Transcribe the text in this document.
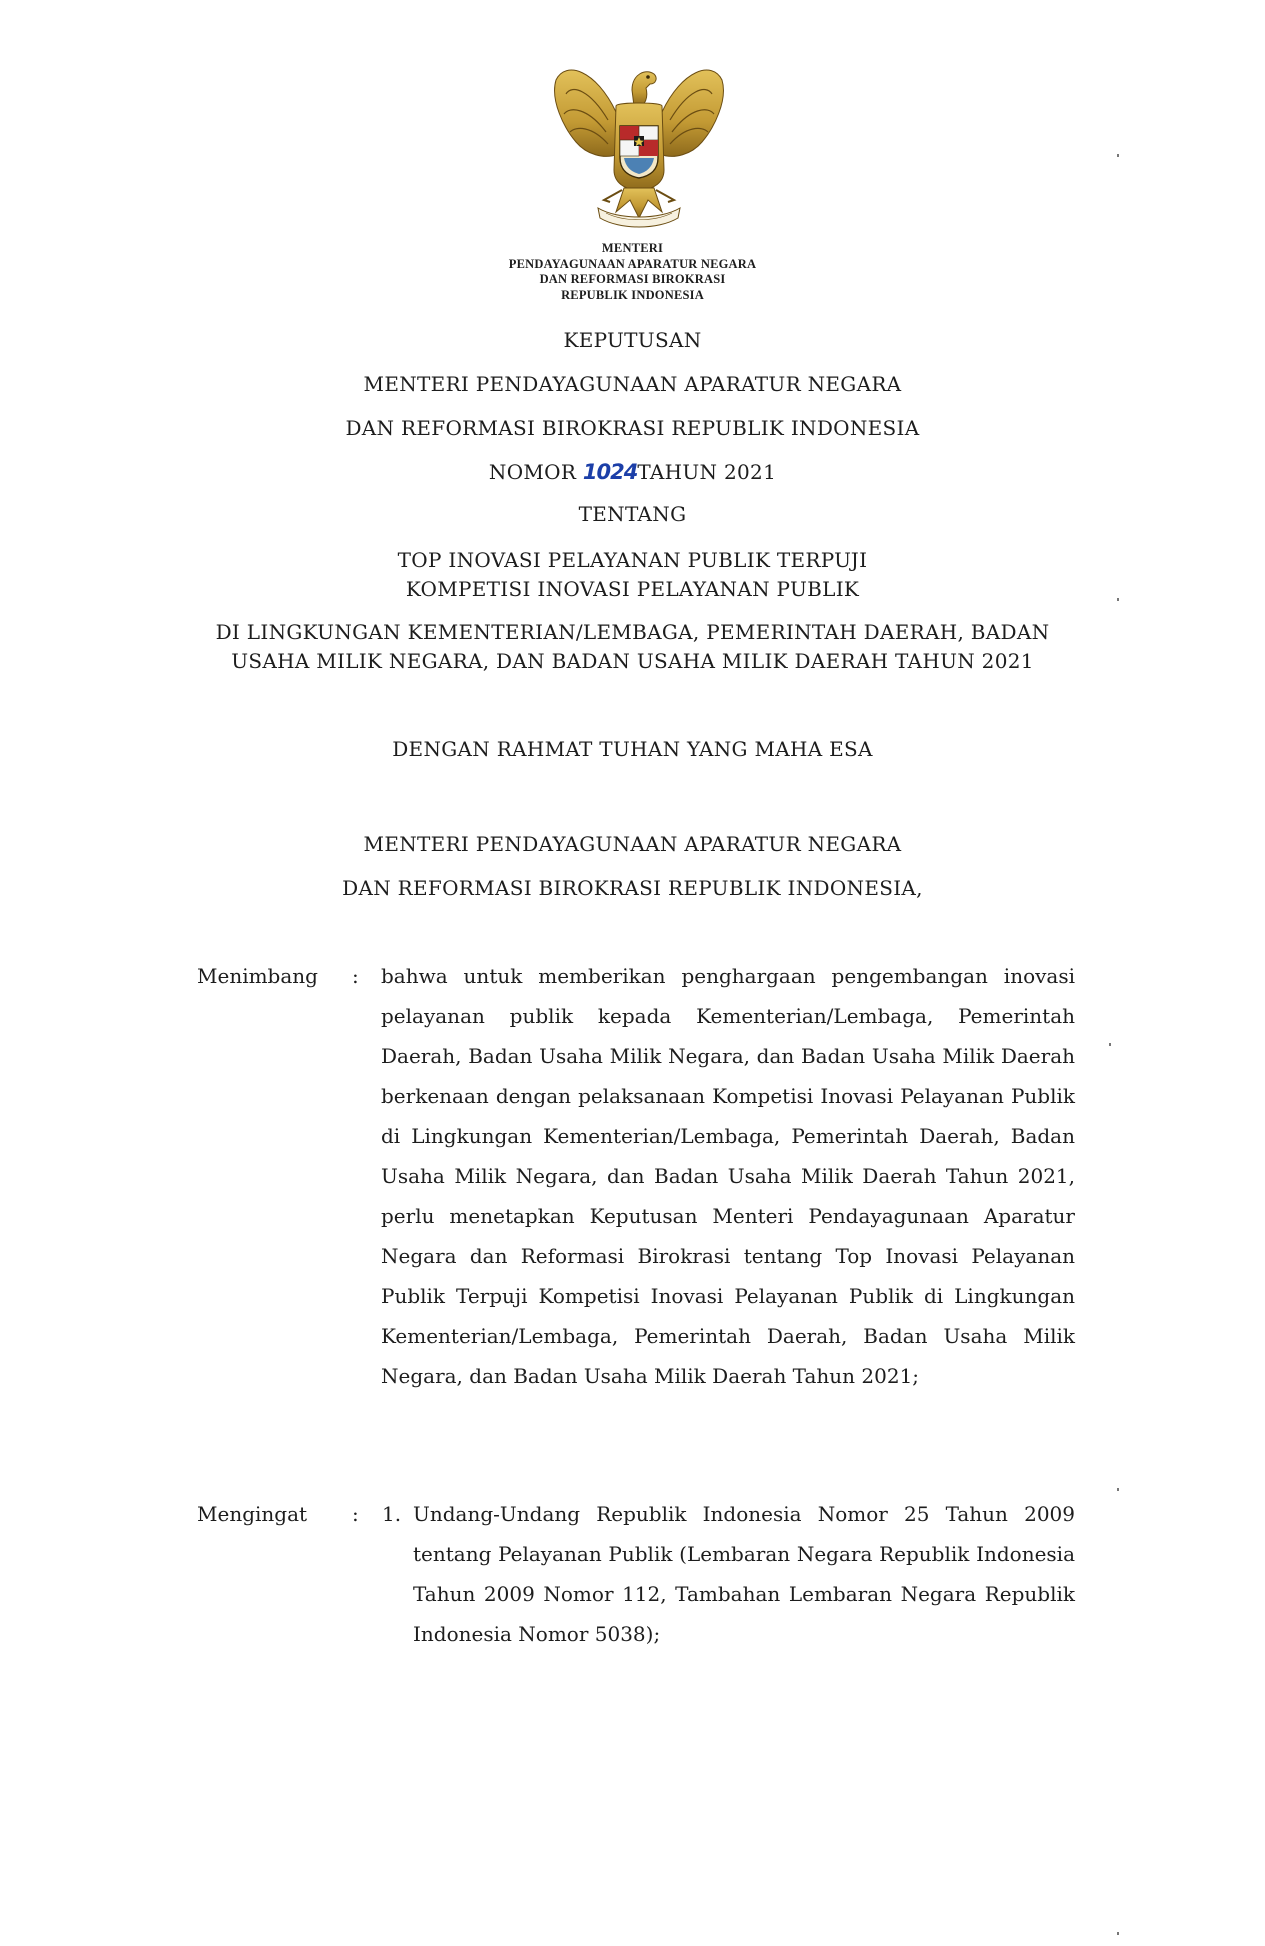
MENTERI
PENDAYAGUNAAN APARATUR NEGARA
DAN REFORMASI BIROKRASI
REPUBLIK INDONESIA
KEPUTUSAN
MENTERI PENDAYAGUNAAN APARATUR NEGARA
DAN REFORMASI BIROKRASI REPUBLIK INDONESIA
NOMOR 1024TAHUN 2021
TENTANG
TOP INOVASI PELAYANAN PUBLIK TERPUJI
KOMPETISI INOVASI PELAYANAN PUBLIK
DI LINGKUNGAN KEMENTERIAN/LEMBAGA, PEMERINTAH DAERAH, BADAN
USAHA MILIK NEGARA, DAN BADAN USAHA MILIK DAERAH TAHUN 2021
DENGAN RAHMAT TUHAN YANG MAHA ESA
MENTERI PENDAYAGUNAAN APARATUR NEGARA
DAN REFORMASI BIROKRASI REPUBLIK INDONESIA,
Menimbang : bahwa untuk memberikan penghargaan pengembangan inovasi pelayanan publik kepada Kementerian/Lembaga, Pemerintah Daerah, Badan Usaha Milik Negara, dan Badan Usaha Milik Daerah berkenaan dengan pelaksanaan Kompetisi Inovasi Pelayanan Publik di Lingkungan Kementerian/Lembaga, Pemerintah Daerah, Badan Usaha Milik Negara, dan Badan Usaha Milik Daerah Tahun 2021, perlu menetapkan Keputusan Menteri Pendayagunaan Aparatur Negara dan Reformasi Birokrasi tentang Top Inovasi Pelayanan Publik Terpuji Kompetisi Inovasi Pelayanan Publik di Lingkungan Kementerian/Lembaga, Pemerintah Daerah, Badan Usaha Milik Negara, dan Badan Usaha Milik Daerah Tahun 2021;
Mengingat : 1. Undang-Undang Republik Indonesia Nomor 25 Tahun 2009 tentang Pelayanan Publik (Lembaran Negara Republik Indonesia Tahun 2009 Nomor 112, Tambahan Lembaran Negara Republik Indonesia Nomor 5038);
